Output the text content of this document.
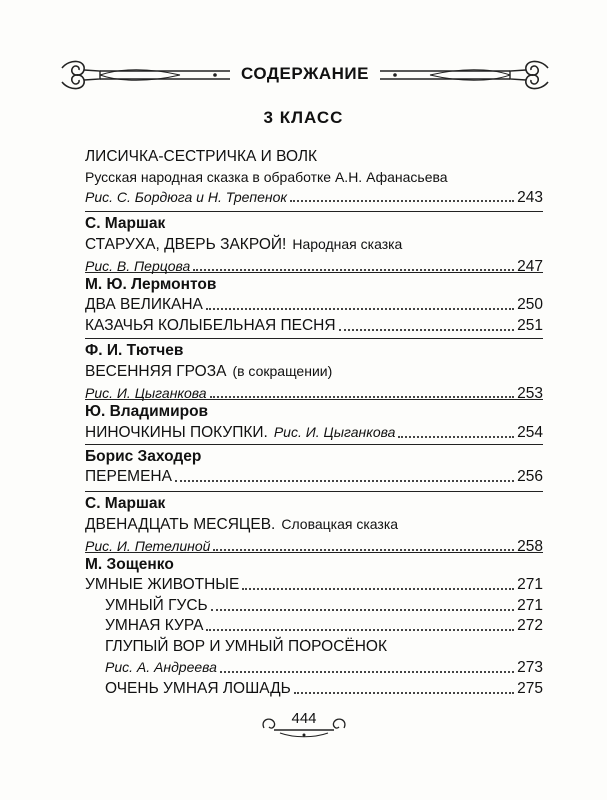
СОДЕРЖАНИЕ
3 КЛАСС
ЛИСИЧКА-СЕСТРИЧКА И ВОЛК
Русская народная сказка в обработке А.Н. Афанасьева
Рис. С. Бордюга и Н. Трепенок	243
С. Маршак
СТАРУХА, ДВЕРЬ ЗАКРОЙ! Народная сказка
Рис. В. Перцова	247
М. Ю. Лермонтов
ДВА ВЕЛИКАНА	250
КАЗАЧЬЯ КОЛЫБЕЛЬНАЯ ПЕСНЯ	251
Ф. И. Тютчев
ВЕСЕННЯЯ ГРОЗА (в сокращении)
Рис. И. Цыганкова	253
Ю. Владимиров
НИНОЧКИНЫ ПОКУПКИ. Рис. И. Цыганкова	254
Борис Заходер
ПЕРЕМЕНА	256
С. Маршак
ДВЕНАДЦАТЬ МЕСЯЦЕВ. Словацкая сказка
Рис. И. Петелиной	258
М. Зощенко
УМНЫЕ ЖИВОТНЫЕ	271
УМНЫЙ ГУСЬ	271
УМНАЯ КУРА	272
ГЛУПЫЙ ВОР И УМНЫЙ ПОРОСЁНОК
Рис. А. Андреева	273
ОЧЕНЬ УМНАЯ ЛОШАДЬ	275
444
